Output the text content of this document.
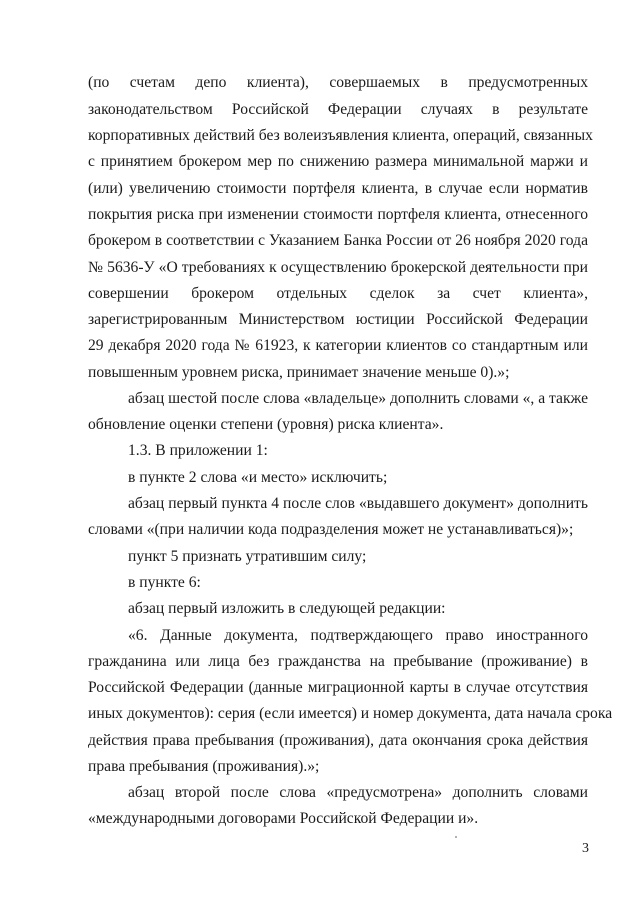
(по счетам депо клиента), совершаемых в предусмотренных
законодательством Российской Федерации случаях в результате
корпоративных действий без волеизъявления клиента, операций, связанных
с принятием брокером мер по снижению размера минимальной маржи и
(или) увеличению стоимости портфеля клиента, в случае если норматив
покрытия риска при изменении стоимости портфеля клиента, отнесенного
брокером в соответствии с Указанием Банка России от 26 ноября 2020 года
№ 5636-У «О требованиях к осуществлению брокерской деятельности при
совершении брокером отдельных сделок за счет клиента»,
зарегистрированным Министерством юстиции Российской Федерации
29 декабря 2020 года № 61923, к категории клиентов со стандартным или
повышенным уровнем риска, принимает значение меньше 0).»;
абзац шестой после слова «владельце» дополнить словами «, а также
обновление оценки степени (уровня) риска клиента».
1.3. В приложении 1:
в пункте 2 слова «и место» исключить;
абзац первый пункта 4 после слов «выдавшего документ» дополнить
словами «(при наличии кода подразделения может не устанавливаться)»;
пункт 5 признать утратившим силу;
в пункте 6:
абзац первый изложить в следующей редакции:
«6. Данные документа, подтверждающего право иностранного
гражданина или лица без гражданства на пребывание (проживание) в
Российской Федерации (данные миграционной карты в случае отсутствия
иных документов): серия (если имеется) и номер документа, дата начала срока
действия права пребывания (проживания), дата окончания срока действия
права пребывания (проживания).»;
абзац второй после слова «предусмотрена» дополнить словами
«международными договорами Российской Федерации и».
3
